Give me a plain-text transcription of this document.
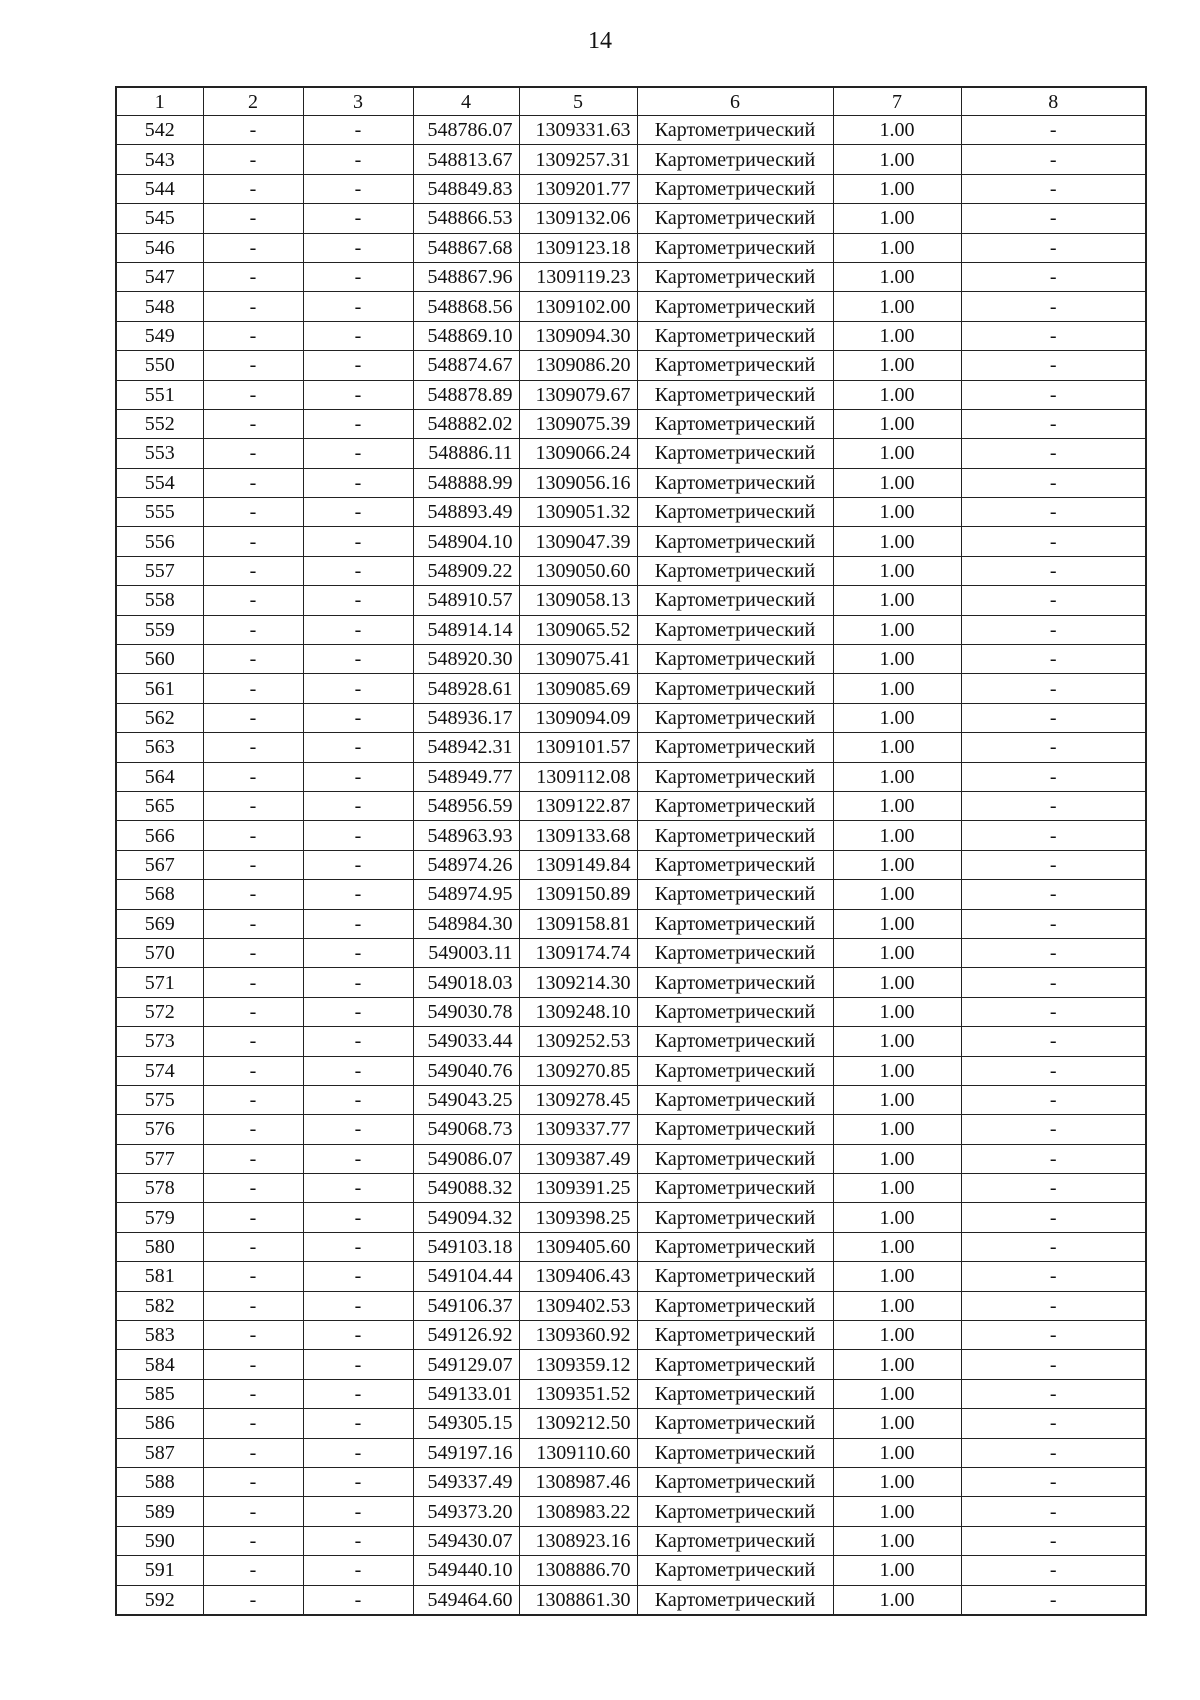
14
1	2	3	4	5	6	7	8
542	-	-	548786.07	1309331.63	Картометрический	1.00	-
543	-	-	548813.67	1309257.31	Картометрический	1.00	-
544	-	-	548849.83	1309201.77	Картометрический	1.00	-
545	-	-	548866.53	1309132.06	Картометрический	1.00	-
546	-	-	548867.68	1309123.18	Картометрический	1.00	-
547	-	-	548867.96	1309119.23	Картометрический	1.00	-
548	-	-	548868.56	1309102.00	Картометрический	1.00	-
549	-	-	548869.10	1309094.30	Картометрический	1.00	-
550	-	-	548874.67	1309086.20	Картометрический	1.00	-
551	-	-	548878.89	1309079.67	Картометрический	1.00	-
552	-	-	548882.02	1309075.39	Картометрический	1.00	-
553	-	-	548886.11	1309066.24	Картометрический	1.00	-
554	-	-	548888.99	1309056.16	Картометрический	1.00	-
555	-	-	548893.49	1309051.32	Картометрический	1.00	-
556	-	-	548904.10	1309047.39	Картометрический	1.00	-
557	-	-	548909.22	1309050.60	Картометрический	1.00	-
558	-	-	548910.57	1309058.13	Картометрический	1.00	-
559	-	-	548914.14	1309065.52	Картометрический	1.00	-
560	-	-	548920.30	1309075.41	Картометрический	1.00	-
561	-	-	548928.61	1309085.69	Картометрический	1.00	-
562	-	-	548936.17	1309094.09	Картометрический	1.00	-
563	-	-	548942.31	1309101.57	Картометрический	1.00	-
564	-	-	548949.77	1309112.08	Картометрический	1.00	-
565	-	-	548956.59	1309122.87	Картометрический	1.00	-
566	-	-	548963.93	1309133.68	Картометрический	1.00	-
567	-	-	548974.26	1309149.84	Картометрический	1.00	-
568	-	-	548974.95	1309150.89	Картометрический	1.00	-
569	-	-	548984.30	1309158.81	Картометрический	1.00	-
570	-	-	549003.11	1309174.74	Картометрический	1.00	-
571	-	-	549018.03	1309214.30	Картометрический	1.00	-
572	-	-	549030.78	1309248.10	Картометрический	1.00	-
573	-	-	549033.44	1309252.53	Картометрический	1.00	-
574	-	-	549040.76	1309270.85	Картометрический	1.00	-
575	-	-	549043.25	1309278.45	Картометрический	1.00	-
576	-	-	549068.73	1309337.77	Картометрический	1.00	-
577	-	-	549086.07	1309387.49	Картометрический	1.00	-
578	-	-	549088.32	1309391.25	Картометрический	1.00	-
579	-	-	549094.32	1309398.25	Картометрический	1.00	-
580	-	-	549103.18	1309405.60	Картометрический	1.00	-
581	-	-	549104.44	1309406.43	Картометрический	1.00	-
582	-	-	549106.37	1309402.53	Картометрический	1.00	-
583	-	-	549126.92	1309360.92	Картометрический	1.00	-
584	-	-	549129.07	1309359.12	Картометрический	1.00	-
585	-	-	549133.01	1309351.52	Картометрический	1.00	-
586	-	-	549305.15	1309212.50	Картометрический	1.00	-
587	-	-	549197.16	1309110.60	Картометрический	1.00	-
588	-	-	549337.49	1308987.46	Картометрический	1.00	-
589	-	-	549373.20	1308983.22	Картометрический	1.00	-
590	-	-	549430.07	1308923.16	Картометрический	1.00	-
591	-	-	549440.10	1308886.70	Картометрический	1.00	-
592	-	-	549464.60	1308861.30	Картометрический	1.00	-
